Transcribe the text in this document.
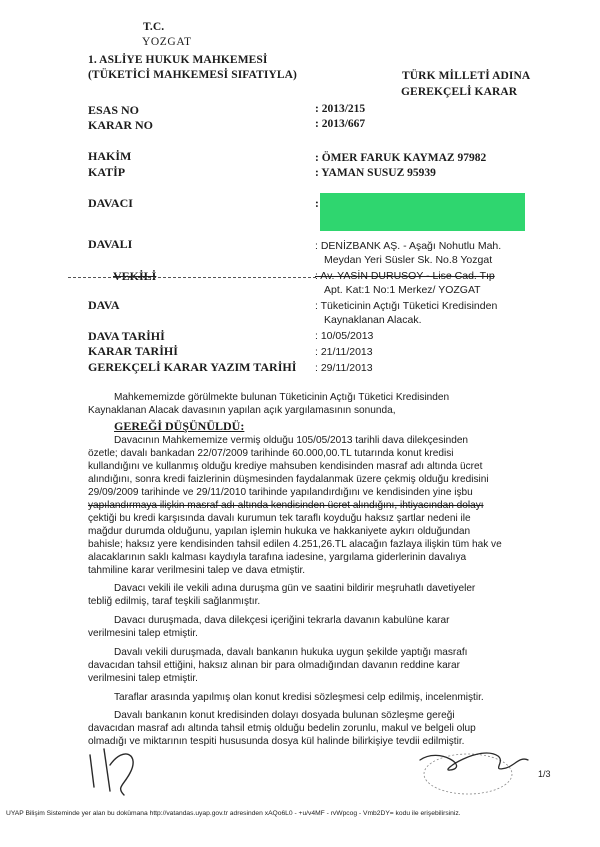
T.C.
YOZGAT
1. ASLİYE HUKUK MAHKEMESİ
(TÜKETİCİ MAHKEMESİ SIFATIYLA)	TÜRK MİLLETİ ADINA
GEREKÇELİ KARAR
ESAS NO	: 2013/215
KARAR NO	: 2013/667
HAKİM	: ÖMER FARUK KAYMAZ 97982
KATİP	: YAMAN SUSUZ 95939
DAVACI	:
DAVALI	: DENİZBANK AŞ. - Aşağı Nohutlu Mah.
Meydan Yeri Süsler Sk. No.8 Yozgat
VEKİLİ	: Av. YASİN DURUSOY - Lise Cad. Tıp
Apt. Kat:1 No:1 Merkez/ YOZGAT
DAVA	: Tüketicinin Açtığı Tüketici Kredisinden
Kaynaklanan Alacak.
DAVA TARİHİ	: 10/05/2013
KARAR TARİHİ	: 21/11/2013
GEREKÇELİ KARAR YAZIM TARİHİ : 29/11/2013
Mahkememizde görülmekte bulunan Tüketicinin Açtığı Tüketici Kredisinden
Kaynaklanan Alacak davasının yapılan açık yargılamasının sonunda,
GEREĞİ DÜŞÜNÜLDÜ:
Davacının Mahkememize vermiş olduğu 105/05/2013 tarihli dava dilekçesinden
özetle; davalı bankadan 22/07/2009 tarihinde 60.000,00.TL tutarında konut kredisi
kullandığını ve kullanmış olduğu krediye mahsuben kendisinden masraf adı altında ücret
alındığını, sonra kredi faizlerinin düşmesinden faydalanmak üzere çekmiş olduğu kredisini
29/09/2009 tarihinde ve 29/11/2010 tarihinde yapılandırdığını ve kendisinden yine işbu
yapılandırmaya ilişkin masraf adı altında kendisinden ücret alındığını, ihtiyacından dolayı
çektiği bu kredi karşısında davalı kurumun tek taraflı koyduğu haksız şartlar nedeni ile
mağdur durumda olduğunu, yapılan işlemin hukuka ve hakkaniyete aykırı olduğundan
bahisle; haksız yere kendisinden tahsil edilen 4.251,26.TL alacağın fazlaya ilişkin tüm hak ve
alacaklarının saklı kalması kaydıyla tarafına iadesine, yargılama giderlerinin davalıya
tahmiline karar verilmesini talep ve dava etmiştir.
Davacı vekili ile vekili adına duruşma gün ve saatini bildirir meşruhatlı davetiyeler
tebliğ edilmiş, taraf teşkili sağlanmıştır.
Davacı duruşmada, dava dilekçesi içeriğini tekrarla davanın kabulüne karar
verilmesini talep etmiştir.
Davalı vekili duruşmada, davalı bankanın hukuka uygun şekilde yaptığı masrafı
davacıdan tahsil ettiğini, haksız alınan bir para olmadığından davanın reddine karar
verilmesini talep etmiştir.
Taraflar arasında yapılmış olan konut kredisi sözleşmesi celp edilmiş, incelenmiştir.
Davalı bankanın konut kredisinden dolayı dosyada bulunan sözleşme gereği
davacıdan masraf adı altında tahsil etmiş olduğu bedelin zorunlu, makul ve belgeli olup
olmadığı ve miktarının tespiti hususunda dosya kül halinde bilirkişiye tevdii edilmiştir.
1/3
UYAP Bilişim Sisteminde yer alan bu dokümana http://vatandas.uyap.gov.tr adresinden xAQo6L0 - +u/v4MF - rvWpcog - Vmb2DY= kodu ile erişebilirsiniz.
